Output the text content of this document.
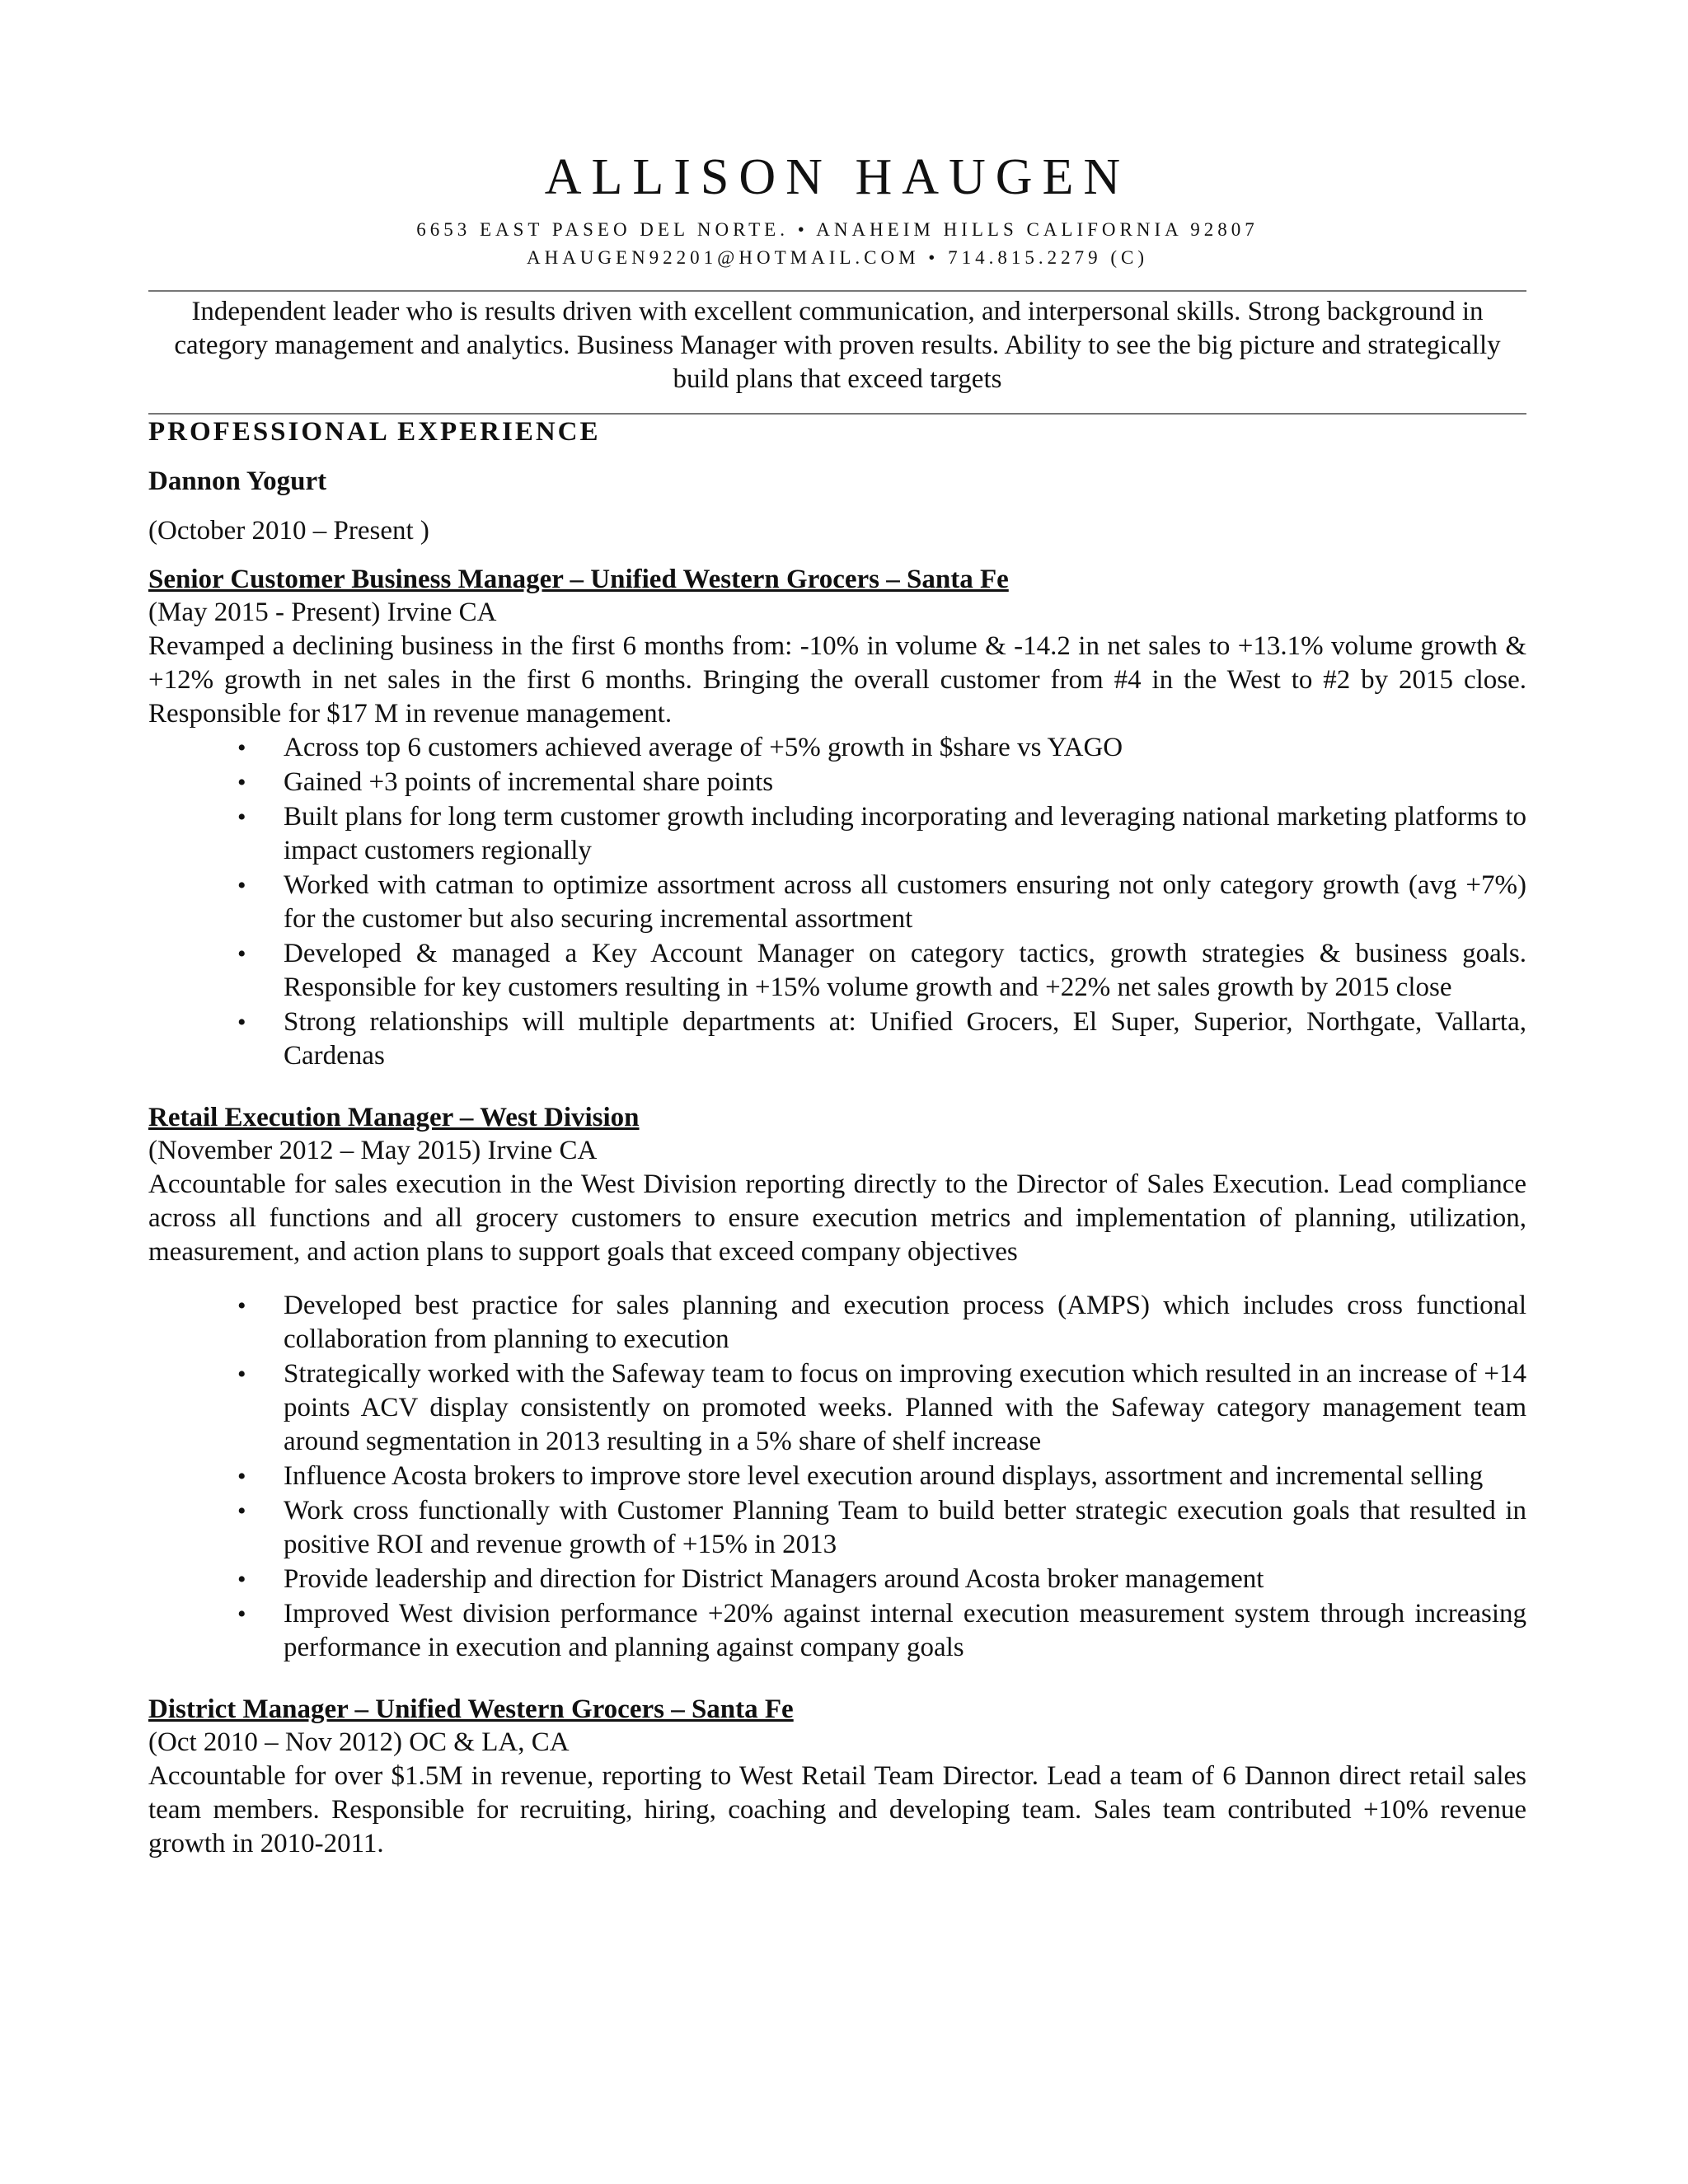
ALLISON HAUGEN
6653 EAST PASEO DEL NORTE. • ANAHEIM HILLS CALIFORNIA 92807
AHAUGEN92201@HOTMAIL.COM • 714.815.2279 (C)

Independent leader who is results driven with excellent communication, and interpersonal skills. Strong background in category management and analytics. Business Manager with proven results. Ability to see the big picture and strategically build plans that exceed targets

PROFESSIONAL EXPERIENCE
Dannon Yogurt
(October 2010 – Present )
Senior Customer Business Manager – Unified Western Grocers – Santa Fe
(May 2015 - Present) Irvine CA
Revamped a declining business in the first 6 months from: -10% in volume & -14.2 in net sales to +13.1% volume growth & +12% growth in net sales in the first 6 months. Bringing the overall customer from #4 in the West to #2 by 2015 close. Responsible for $17 M in revenue management.
• Across top 6 customers achieved average of +5% growth in $share vs YAGO
• Gained +3 points of incremental share points
• Built plans for long term customer growth including incorporating and leveraging national marketing platforms to impact customers regionally
• Worked with catman to optimize assortment across all customers ensuring not only category growth (avg +7%) for the customer but also securing incremental assortment
• Developed & managed a Key Account Manager on category tactics, growth strategies & business goals. Responsible for key customers resulting in +15% volume growth and +22% net sales growth by 2015 close
• Strong relationships will multiple departments at: Unified Grocers, El Super, Superior, Northgate, Vallarta, Cardenas
Retail Execution Manager – West Division
(November 2012 – May 2015) Irvine CA
Accountable for sales execution in the West Division reporting directly to the Director of Sales Execution. Lead compliance across all functions and all grocery customers to ensure execution metrics and implementation of planning, utilization, measurement, and action plans to support goals that exceed company objectives
• Developed best practice for sales planning and execution process (AMPS) which includes cross functional collaboration from planning to execution
• Strategically worked with the Safeway team to focus on improving execution which resulted in an increase of +14 points ACV display consistently on promoted weeks. Planned with the Safeway category management team around segmentation in 2013 resulting in a 5% share of shelf increase
• Influence Acosta brokers to improve store level execution around displays, assortment and incremental selling
• Work cross functionally with Customer Planning Team to build better strategic execution goals that resulted in positive ROI and revenue growth of +15% in 2013
• Provide leadership and direction for District Managers around Acosta broker management
• Improved West division performance +20% against internal execution measurement system through increasing performance in execution and planning against company goals
District Manager – Unified Western Grocers – Santa Fe
(Oct 2010 – Nov 2012) OC & LA, CA
Accountable for over $1.5M in revenue, reporting to West Retail Team Director. Lead a team of 6 Dannon direct retail sales team members. Responsible for recruiting, hiring, coaching and developing team. Sales team contributed +10% revenue growth in 2010-2011.
